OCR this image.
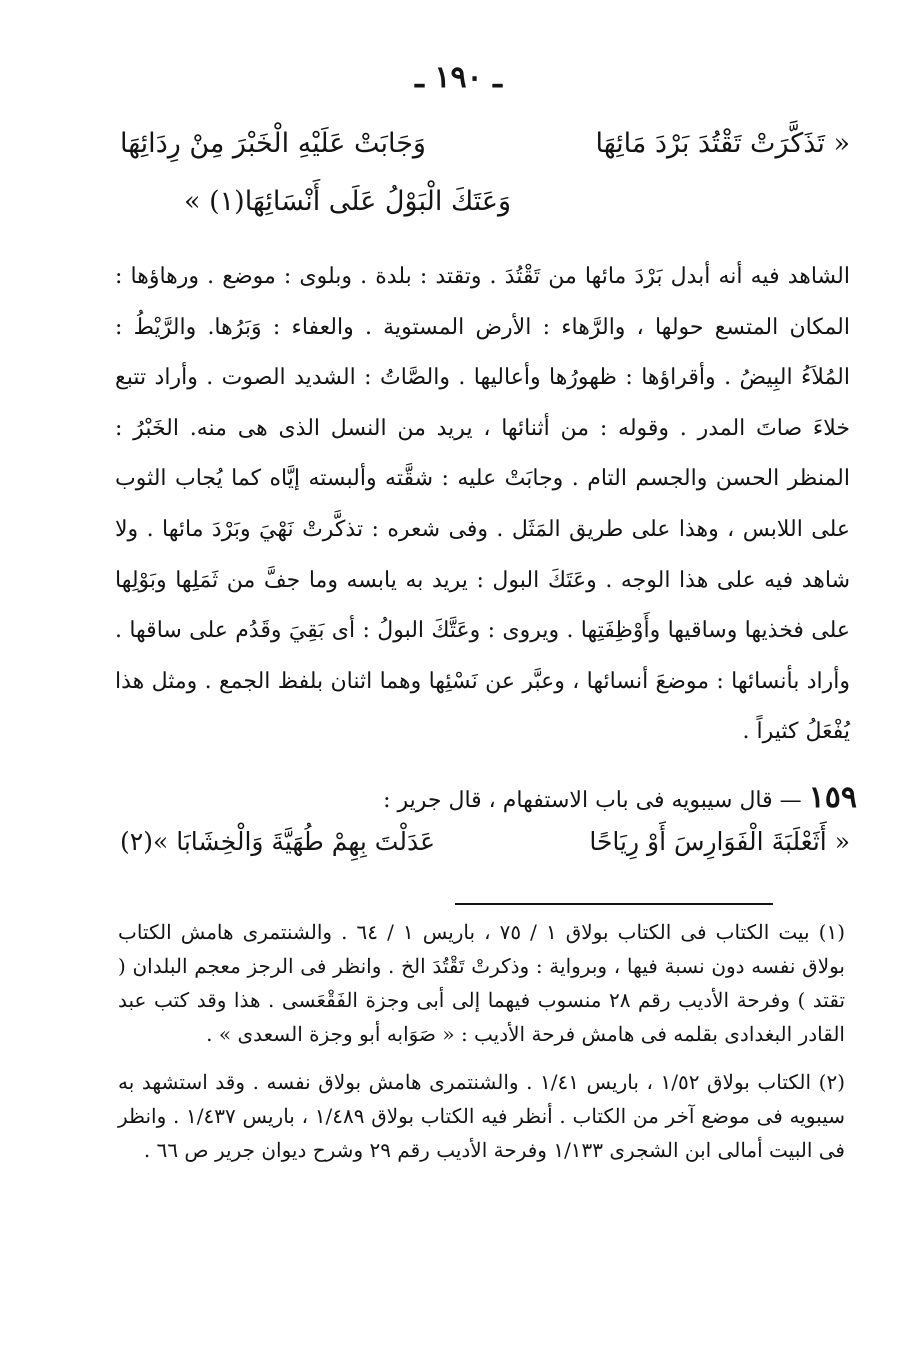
ـ ١٩٠ ـ
« تَذَكَّرَتْ تَقْتُدَ بَرْدَ مَائِهَا
وَجَابَتْ عَلَيْهِ الْخَبْرَ مِنْ رِدَائِهَا
وَعَتَكَ الْبَوْلُ عَلَى أَنْسَائِهَا(١) »

الشاهد فيه أنه أبدل بَرْدَ مائها من تَقْتُدَ . وتقتد : بلدة . وبلوى : موضع . ورهاؤها : المكان المتسع حولها ، والرَّهاء : الأرض المستوية . والعفاء : وَبَرُها. والرَّيْطُ : المُلاَءُ البِيضُ . وأقراؤها : ظهورُها وأعاليها . والصَّاتُ : الشديد الصوت . وأراد تتبع خلاءَ صاتَ المدر . وقوله : من أثنائها ، يريد من النسل الذى هى منه. الخَبْرُ : المنظر الحسن والجسم التام . وجابَتْ عليه : شقَّته وألبسته إيَّاه كما يُجاب الثوب على اللابس ، وهذا على طريق المَثَل . وفى شعره : تذكَّرتْ نَهْيَ وبَرْدَ مائها . ولا شاهد فيه على هذا الوجه . وعَتَكَ البول : يريد به يابسه وما جفَّ من ثَمَلِها وبَوْلِها على فخذيها وساقيها وأَوْظِفَتِها . ويروى : وعَتَّكَ البولُ : أى بَقِيَ وقَدُم على ساقها . وأراد بأنسائها : موضعَ أنسائها ، وعبَّر عن نَسْئِها وهما اثنان بلفظ الجمع . ومثل هذا يُفْعَلُ كثيراً .

١٥٩ — قال سيبويه فى باب الاستفهام ، قال جرير :
« أَثَعْلَبَةَ الْفَوَارِسَ أَوْ رِيَاحًا
عَدَلْتَ بِهِمْ طُهَيَّةَ وَالْخِشَابَا »(٢)

(١) بيت الكتاب فى الكتاب بولاق ١ / ٧٥ ، باريس ١ / ٦٤ . والشنتمرى هامش الكتاب بولاق نفسه دون نسبة فيها ، وبرواية : وذكرتْ تَقْتُدَ الخ . وانظر فى الرجز معجم البلدان ( تقتد ) وفرحة الأديب رقم ٢٨ منسوب فيهما إلى أبى وجزة الفَقْعَسى . هذا وقد كتب عبد القادر البغدادى بقلمه فى هامش فرحة الأديب : « صَوَابه أبو وجزة السعدى » .

(٢) الكتاب بولاق ١/٥٢ ، باريس ١/٤١ . والشنتمرى هامش بولاق نفسه . وقد استشهد به سيبويه فى موضع آخر من الكتاب . أنظر فيه الكتاب بولاق ١/٤٨٩ ، باريس ١/٤٣٧ . وانظر فى البيت أمالى ابن الشجرى ١/١٣٣ وفرحة الأديب رقم ٢٩ وشرح ديوان جرير ص ٦٦ .
